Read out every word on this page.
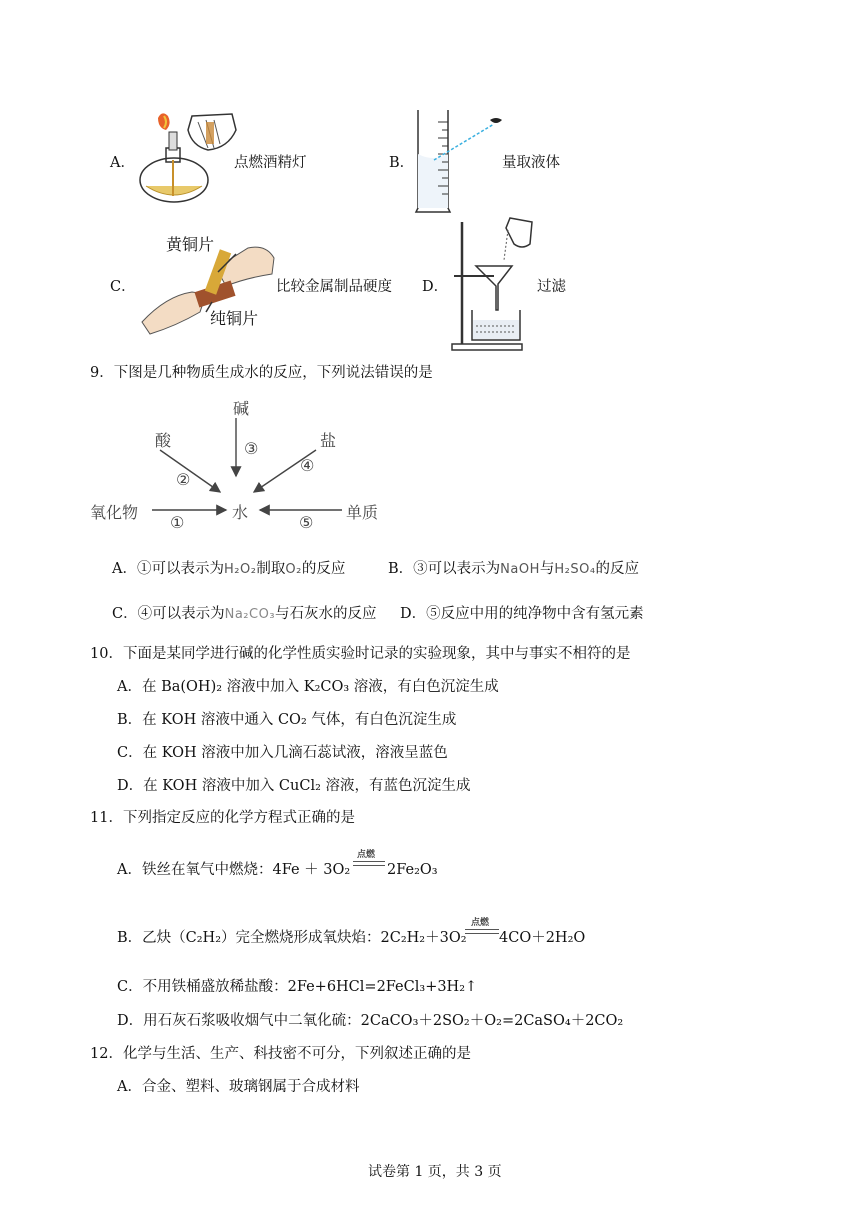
A．	点燃酒精灯	B．	量取液体
C．
黄铜片
纯铜片
比较金属制品硬度 D．	过滤
9．下图是几种物质生成水的反应，下列说法错误的是
碱
酸	盐
氧化物	水	单质
①
②
③
④
⑤
A．①可以表示为H₂O₂制取O₂的反应	B．③可以表示为NaOH与H₂SO₄的反应
C．④可以表示为Na₂CO₃与石灰水的反应 D．⑤反应中用的纯净物中含有氢元素
10．下面是某同学进行碱的化学性质实验时记录的实验现象，其中与事实不相符的是
A．在 Ba(OH)₂ 溶液中加入 K₂CO₃ 溶液，有白色沉淀生成
B．在 KOH 溶液中通入 CO₂ 气体，有白色沉淀生成
C．在 KOH 溶液中加入几滴石蕊试液，溶液呈蓝色
D．在 KOH 溶液中加入 CuCl₂ 溶液，有蓝色沉淀生成
11．下列指定反应的化学方程式正确的是
A．铁丝在氧气中燃烧：4Fe ＋ 3O₂
点燃
2Fe₂O₃
B．乙炔（C₂H₂）完全燃烧形成氧炔焰：2C₂H₂＋3O₂
点燃
4CO＋2H₂O
C．不用铁桶盛放稀盐酸：2Fe+6HCl=2FeCl₃+3H₂↑
D．用石灰石浆吸收烟气中二氧化硫：2CaCO₃＋2SO₂＋O₂=2CaSO₄＋2CO₂
12．化学与生活、生产、科技密不可分，下列叙述正确的是
A．合金、塑料、玻璃钢属于合成材料
试卷第 1 页，共 3 页
